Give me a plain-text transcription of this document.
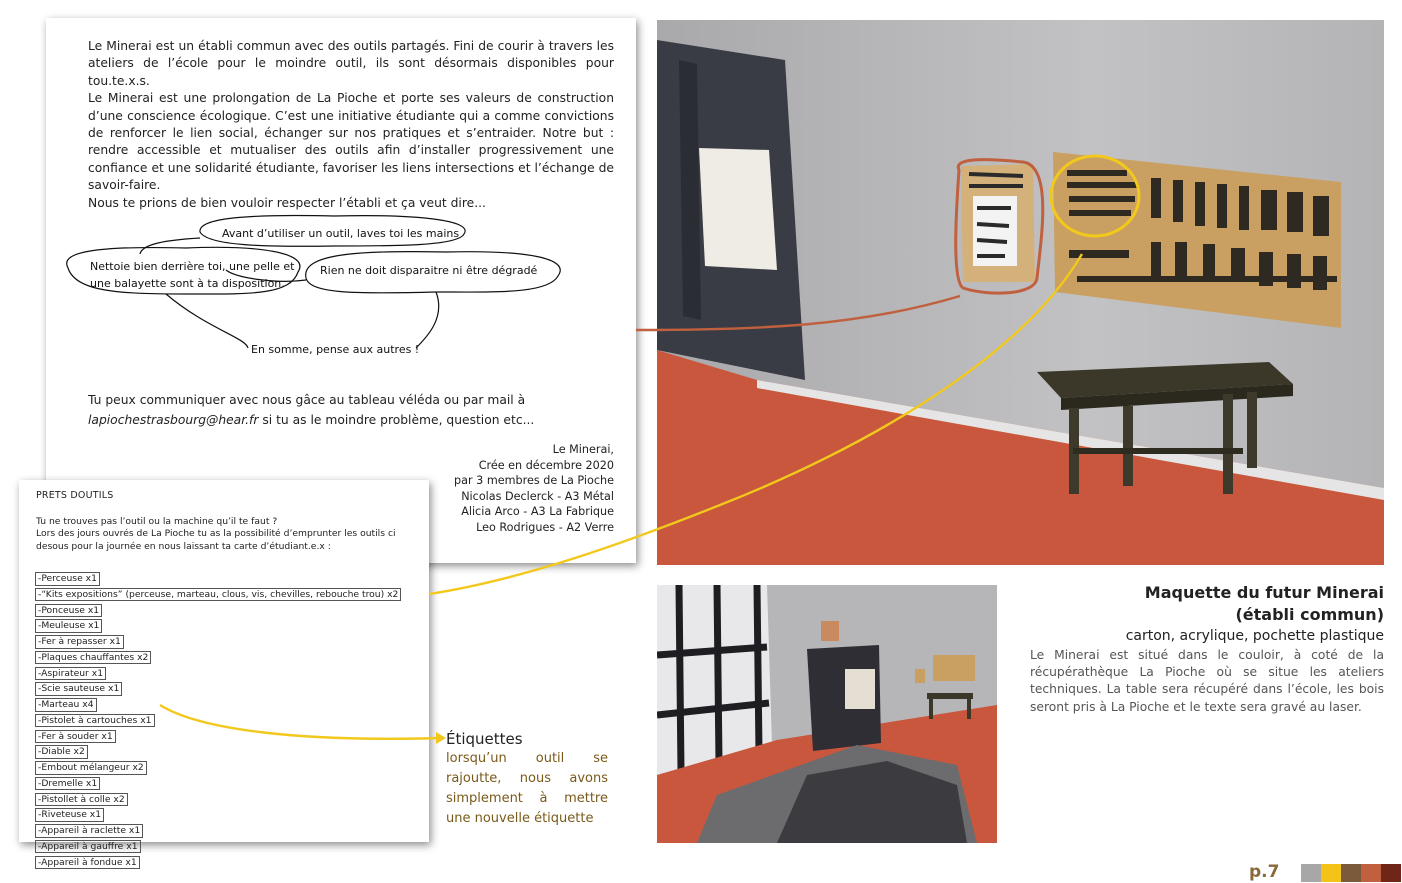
Le Minerai est un établi commun avec des outils partagés. Fini de courir à travers les ateliers de l’école pour le moindre outil, ils sont désormais disponibles pour tou.te.x.s.

Le Minerai est une prolongation de La Pioche et porte ses valeurs de construction d’une conscience écologique. C’est une initiative étudiante qui a comme convictions de renforcer le lien social, échanger sur nos pratiques et s’entraider. Notre but : rendre accessible et mutualiser des outils afin d’installer progressivement une confiance et une solidarité étudiante, favoriser les liens intersections et l’échange de savoir-faire.

Nous te prions de bien vouloir respecter l’établi et ça veut dire...

Avant d’utiliser un outil, laves toi les mains
Nettoie bien derrière toi, une pelle et
une balayette sont à ta disposition.
Rien ne doit disparaitre ni être dégradé
En somme, pense aux autres !
Tu peux communiquer avec nous gâce au tableau véléda ou par mail à
lapiochestrasbourg@hear.fr si tu as le moindre problème, question etc...
Le Minerai,
Crée en décembre 2020
par 3 membres de La Pioche
Nicolas Declerck - A3 Métal
Alicia Arco - A3 La Fabrique
Leo Rodrigues - A2 Verre
PRETS DOUTILS
Tu ne trouves pas l’outil ou la machine qu’il te faut ?
Lors des jours ouvrés de La Pioche tu as la possibilité d’emprunter les outils ci desous pour la journée en nous laissant ta carte d’étudiant.e.x :
-Perceuse x1
-“Kits expositions” (perceuse, marteau, clous, vis, chevilles, rebouche trou) x2
-Ponceuse x1
-Meuleuse x1
-Fer à repasser x1
-Plaques chauffantes x2
-Aspirateur x1
-Scie sauteuse x1
-Marteau x4
-Pistolet à cartouches x1
-Fer à souder x1
-Diable x2
-Embout mélangeur x2
-Dremelle x1
-Pistollet à colle x2
-Riveteuse x1
-Appareil à raclette x1
-Appareil à gauffre x1
-Appareil à fondue x1
Maquette du futur Minerai
(établi commun)
carton, acrylique, pochette plastique
Le Minerai est situé dans le couloir, à coté de la récupérathèque La Pioche où se situe les ateliers techniques. La table sera récupéré dans l’école, les bois seront pris à La Pioche et le texte sera gravé au laser.
Étiquettes
lorsqu’un outil se rajoutte, nous avons simplement à mettre une nouvelle étiquette
p.7
